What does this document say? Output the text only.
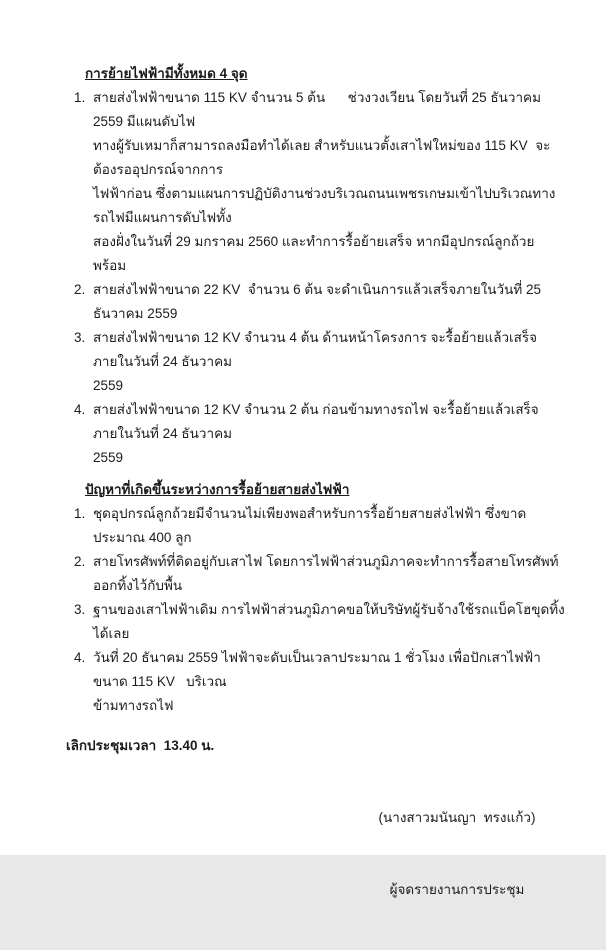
การย้ายไฟฟ้ามีทั้งหมด 4 จุด
1. สายส่งไฟฟ้าขนาด 115 KV จำนวน 5 ต้น      ช่วงวงเวียน โดยวันที่ 25 ธันวาคม 2559 มีแผนดับไฟ
ทางผู้รับเหมาก็สามารถลงมือทำได้เลย สำหรับแนวตั้งเสาไฟใหม่ของ 115 KV  จะต้องรออุปกรณ์จากการ
ไฟฟ้าก่อน ซึ่งตามแผนการปฏิบัติงานช่วงบริเวณถนนเพชรเกษมเข้าไปบริเวณทางรถไฟมีแผนการดับไฟทั้ง
สองฝั่งในวันที่ 29 มกราคม 2560 และทำการรื้อย้ายเสร็จ หากมีอุปกรณ์ลูกถ้วยพร้อม
2. สายส่งไฟฟ้าขนาด 22 KV  จำนวน 6 ต้น จะดำเนินการแล้วเสร็จภายในวันที่ 25 ธันวาคม 2559
3. สายส่งไฟฟ้าขนาด 12 KV จำนวน 4 ต้น ด้านหน้าโครงการ จะรื้อย้ายแล้วเสร็จภายในวันที่ 24 ธันวาคม
2559
4. สายส่งไฟฟ้าขนาด 12 KV จำนวน 2 ต้น ก่อนข้ามทางรถไฟ จะรื้อย้ายแล้วเสร็จภายในวันที่ 24 ธันวาคม
2559
ปัญหาที่เกิดขึ้นระหว่างการรื้อย้ายสายส่งไฟฟ้า
1. ชุดอุปกรณ์ลูกถ้วยมีจำนวนไม่เพียงพอสำหรับการรื้อย้ายสายส่งไฟฟ้า ซึ่งขาดประมาณ 400 ลูก
2. สายโทรศัพท์ที่ติดอยู่กับเสาไฟ โดยการไฟฟ้าส่วนภูมิภาคจะทำการรื้อสายโทรศัพท์ออกทิ้งไว้กับพื้น
3. ฐานของเสาไฟฟ้าเดิม การไฟฟ้าส่วนภูมิภาคขอให้บริษัทผู้รับจ้างใช้รถแบ็คโฮขุดทิ้งได้เลย
4. วันที่ 20 ธันาคม 2559 ไฟฟ้าจะดับเป็นเวลาประมาณ 1 ชั่วโมง เพื่อปักเสาไฟฟ้าขนาด 115 KV   บริเวณ
ข้ามทางรถไฟ

เลิกประชุมเวลา  13.40 น.

(นางสาวมนันญา  ทรงแก้ว)

ผู้จดรายงานการประชุม
